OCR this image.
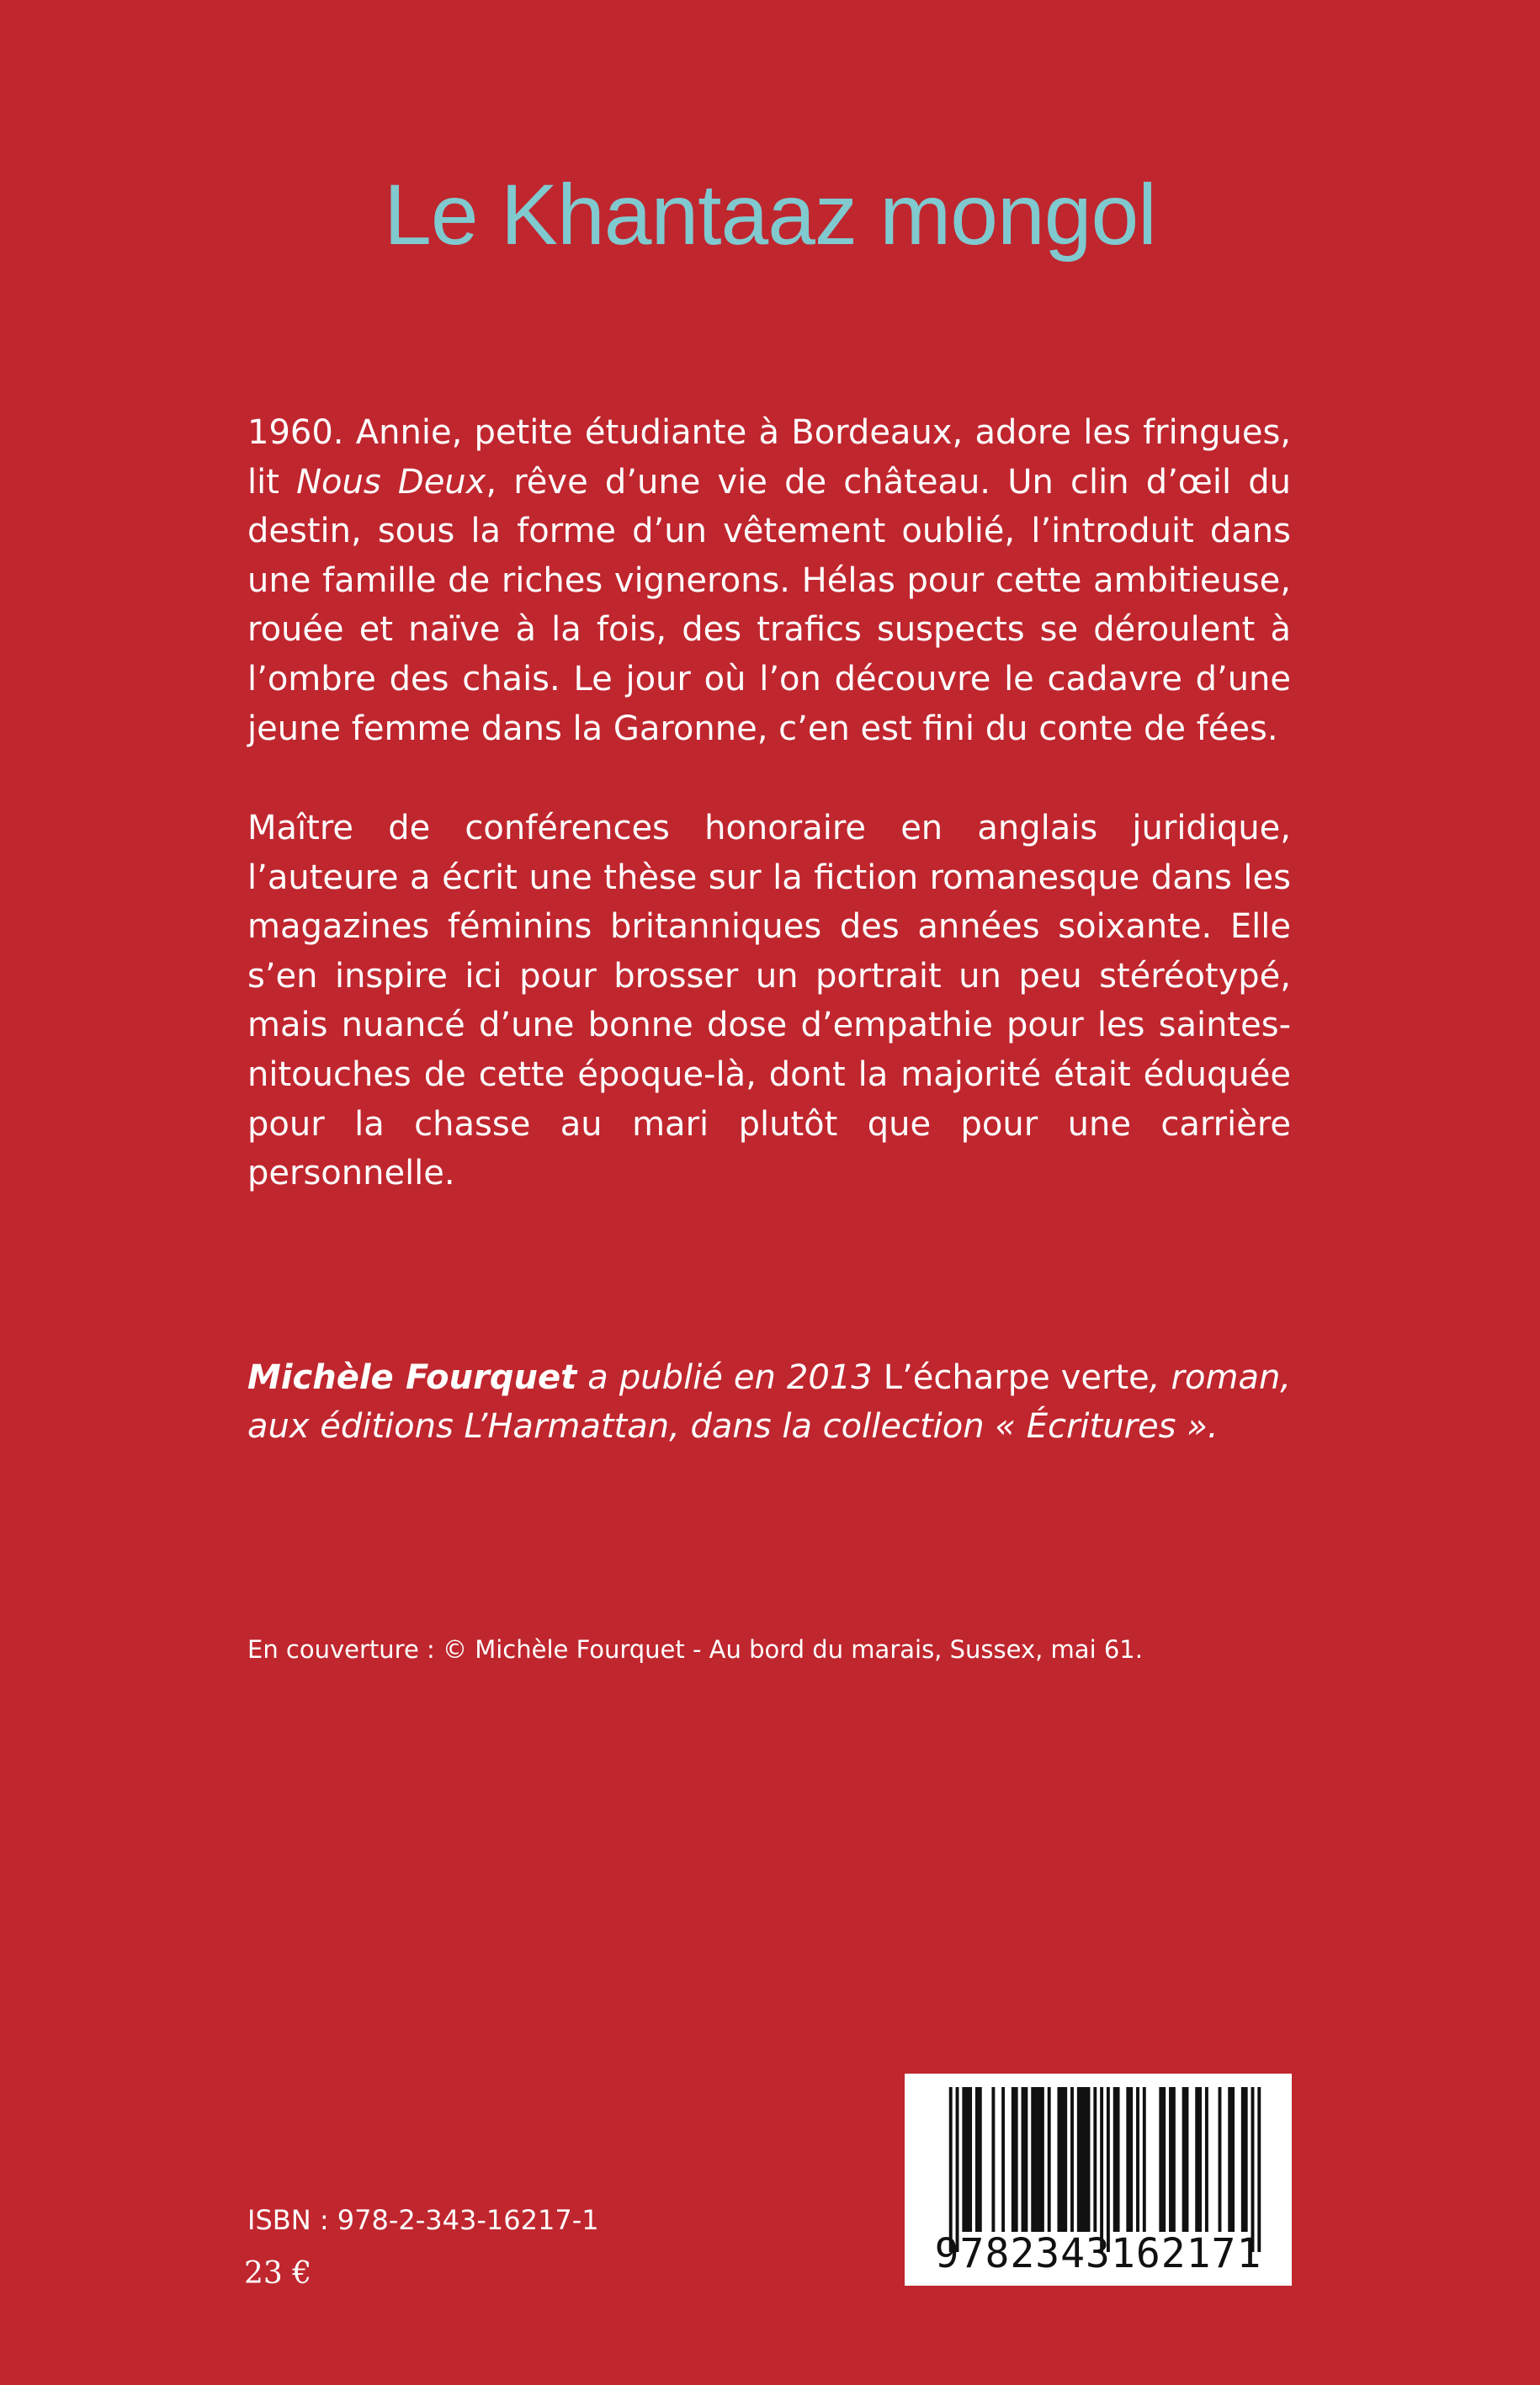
Le Khantaaz mongol

1960. Annie, petite étudiante à Bordeaux, adore les fringues, lit Nous Deux, rêve d’une vie de château. Un clin d’œil du destin, sous la forme d’un vêtement oublié, l’introduit dans une famille de riches vignerons. Hélas pour cette ambitieuse, rouée et naïve à la fois, des trafics suspects se déroulent à l’ombre des chais. Le jour où l’on découvre le cadavre d’une jeune femme dans la Garonne, c’en est fini du conte de fées.

Maître de conférences honoraire en anglais juridique, l’auteure a écrit une thèse sur la fiction romanesque dans les magazines féminins britanniques des années soixante. Elle s’en inspire ici pour brosser un portrait un peu stéréotypé, mais nuancé d’une bonne dose d’empathie pour les saintes-nitouches de cette époque-là, dont la majorité était éduquée pour la chasse au mari plutôt que pour une carrière personnelle.

Michèle Fourquet a publié en 2013 L’écharpe verte, roman, aux éditions L’Harmattan, dans la collection « Écritures ».

En couverture : © Michèle Fourquet - Au bord du marais, Sussex, mai 61.
9782343162171
ISBN : 978-2-343-16217-1
23 €
